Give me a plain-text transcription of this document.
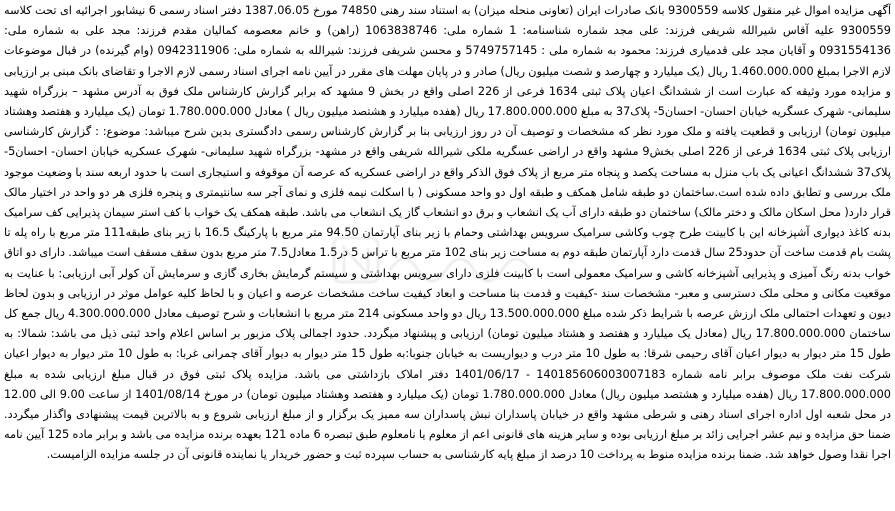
آگهی مزایده اموال غیر منقول کلاسه 9300559 بانک صادرات ایران (تعاونی منحله میزان) به استناد سند رهنی 74850 مورخ 1387.06.05 دفتر اسناد رسمی 6 نیشابور اجرائیه ای تحت کلاسه 9300559 علیه آقاس شیرالله شریفی فرزند: علی مجد شماره شناسنامه: 1 شماره ملی: 1063838746 (راهن) و خانم معصومه کمالیان مقدم فرزند: مجد علی به شماره ملی: 0931554136 و آقایان مجد علی قدمیاری فرزند: محمود به شماره ملی : 5749757145 و محسن شریفی فرزند: شیرالله به شماره ملی: 0942311906 (وام گیرنده) در قبال موضوعات لازم الاجرا بمبلغ 1.460.000.000 ریال (یک میلیارد و چهارصد و شصت میلیون ریال) صادر و در پایان مهلت های مقرر در آیین نامه اجرای اسناد رسمی لازم الاجرا و تقاضای بانک مبنی بر ارزیابی و مزایده مورد وثیقه که عبارت است از ششدانگ اعیان پلاک ثبتی 1634 فرعی از 226 اصلی واقع در بخش 9 مشهد که برابر گزارش کارشناس ملک فوق به آدرس مشهد – بزرگراه شهید سلیمانی- شهرک عسگریه خیابان احسان- احسان5- پلاک37 به مبلغ 17.800.000.000 ریال (هفده میلیارد و هشتصد میلیون ریال ) معادل 1.780.000.000 تومان (یک میلیارد و هفتصد وهشتاد میلیون تومان) ارزیابی و قطعیت یافته و ملک مورد نظر که مشخصات و توصیف آن در روز ارزیابی بنا بر گزارش کارشناس رسمی دادگستری بدین شرح میباشد: موضوع: : گزارش کارشناسی ارزیابی پلاک ثبتی 1634 فرعی از 226 اصلی بخش9 مشهد واقع در اراضی عسگریه ملکی شیرالله شریفی واقع در مشهد- بزرگراه شهید سلیمانی- شهرک عسکریه خیابان احسان- احسان5- پلاک37 ششدانگ اعیانی یک باب منزل به مساحت یکصد و پنجاه متر مربع از پلاک فوق الذکر واقع در اراضی عسکریه که عرصه آن موقوفه و استیجاری است با حدود اربعه سند با وضعیت موجود ملک بررسی و تطابق داده شده است.ساختمان دو طبقه شامل همکف و طبقه اول دو واحد مسکونی ( با اسکلت نیمه فلزی و نمای آجر سه سانتیمتری و پنجره فلزی هر دو واحد در اختیار مالک قرار دارد( محل اسکان مالک و دختر مالک) ساختمان دو طبقه دارای آب یک انشعاب و برق دو انشعاب گاز یک انشعاب می باشد. طبقه همکف یک خواب با کف استر سیمان پذیرایی کف سرامیک بدنه کاغذ دیواری آشپزخانه این با کابینت طرح چوب وکاشی سرامیک سرویس بهداشتی وحمام با زیر بنای آپارتمان 94.50 متر مربع با پارکینگ 16.5 با زیر بنای طبقه111 متر مربع با راه پله تا پشت بام قدمت ساخت آن حدود25 سال قدمت دارد آپارتمان طبقه دوم به مساحت زیر بنای 102 متر مربع با تراس 5 در1.5 معادل7.5 متر مربع بدون سقف مسقف است میباشد. دارای دو اتاق خواب بدنه رنگ آمیزی و پذیرایی آشپزخانه کاشی و سرامیک معمولی است با کابینت فلزی دارای سرویس بهداشتی و سیستم گرمایش بخاری گازی و سرمایش آن کولر آبی ارزیابی: با عنایت به موقعیت مکانی و محلی ملک دسترسی و معبر- مشخصات سند -کیفیت و قدمت بنا مساحت و ابعاد کیفیت ساخت مشخصات عرصه و اعیان و با لحاظ کلیه عوامل موثر در ارزیابی و بدون لحاظ دیون و تعهدات احتمالی ملک ارزش عرصه با شرایط ذکر شده مبلغ 13.500.000.000 ریال دو واحد مسکونی 214 متر مربع با انشعابات و شرح توصیف معادل 4.300.000.000 ریال جمع کل ساختمان 17.800.000.000 ریال (معادل یک میلیارد و هفتصد و هشتاد میلیون تومان) ارزیابی و پیشنهاد میگردد. حدود اجمالی پلاک مزبور بر اساس اعلام واحد ثبتی ذیل می باشد: شمالا: به طول 15 متر دیوار به دیوار اعیان آقای رحیمی شرقا: به طول 10 متر درب و دیواریست به خیابان جنوبا:به طول 15 متر دیوار به دیوار آقای چمرانی غربا: به طول 10 متر دیوار به دیوار اعیان شرکت نفت ملک موصوف برابر نامه شماره 140185606003007183 - 1401/06/17 دفتر املاک بازداشتی می باشد. مزایده پلاک ثبتی فوق در قبال مبلغ ارزیابی شده به مبلغ 17.800.000.000 ریال (هفده میلیارد و هشتصد میلیون ریال) معادل 1.780.000.000 تومان (یک میلیارد و هفتصد وهشتاد میلیون تومان) در مورخ 1401/08/14 از ساعت 9.00 الی 12.00 در محل شعبه اول اداره اجرای اسناد رهنی و شرطی مشهد واقع در خیابان پاسداران نبش پاسداران سه ممیز یک برگزار و از مبلغ ارزیابی شروع و به بالاترین قیمت پیشنهادی واگذار میگردد. ضمنا حق مزایده و نیم عشر اجرایی زائد بر مبلغ ارزیابی بوده و سایر هزینه های قانونی اعم از معلوم یا نامعلوم طبق تبصره 6 ماده 121 بعهده برنده مزایده می باشد و برابر ماده 125 آیین نامه اجرا نقدا وصول خواهد شد. ضمنا برنده مزایده منوط به پرداخت 10 درصد از مبلغ پایه کارشناسی به حساب سپرده ثبت و حضور خریدار یا نماینده قانونی آن در جلسه مزایده الزامیست.
